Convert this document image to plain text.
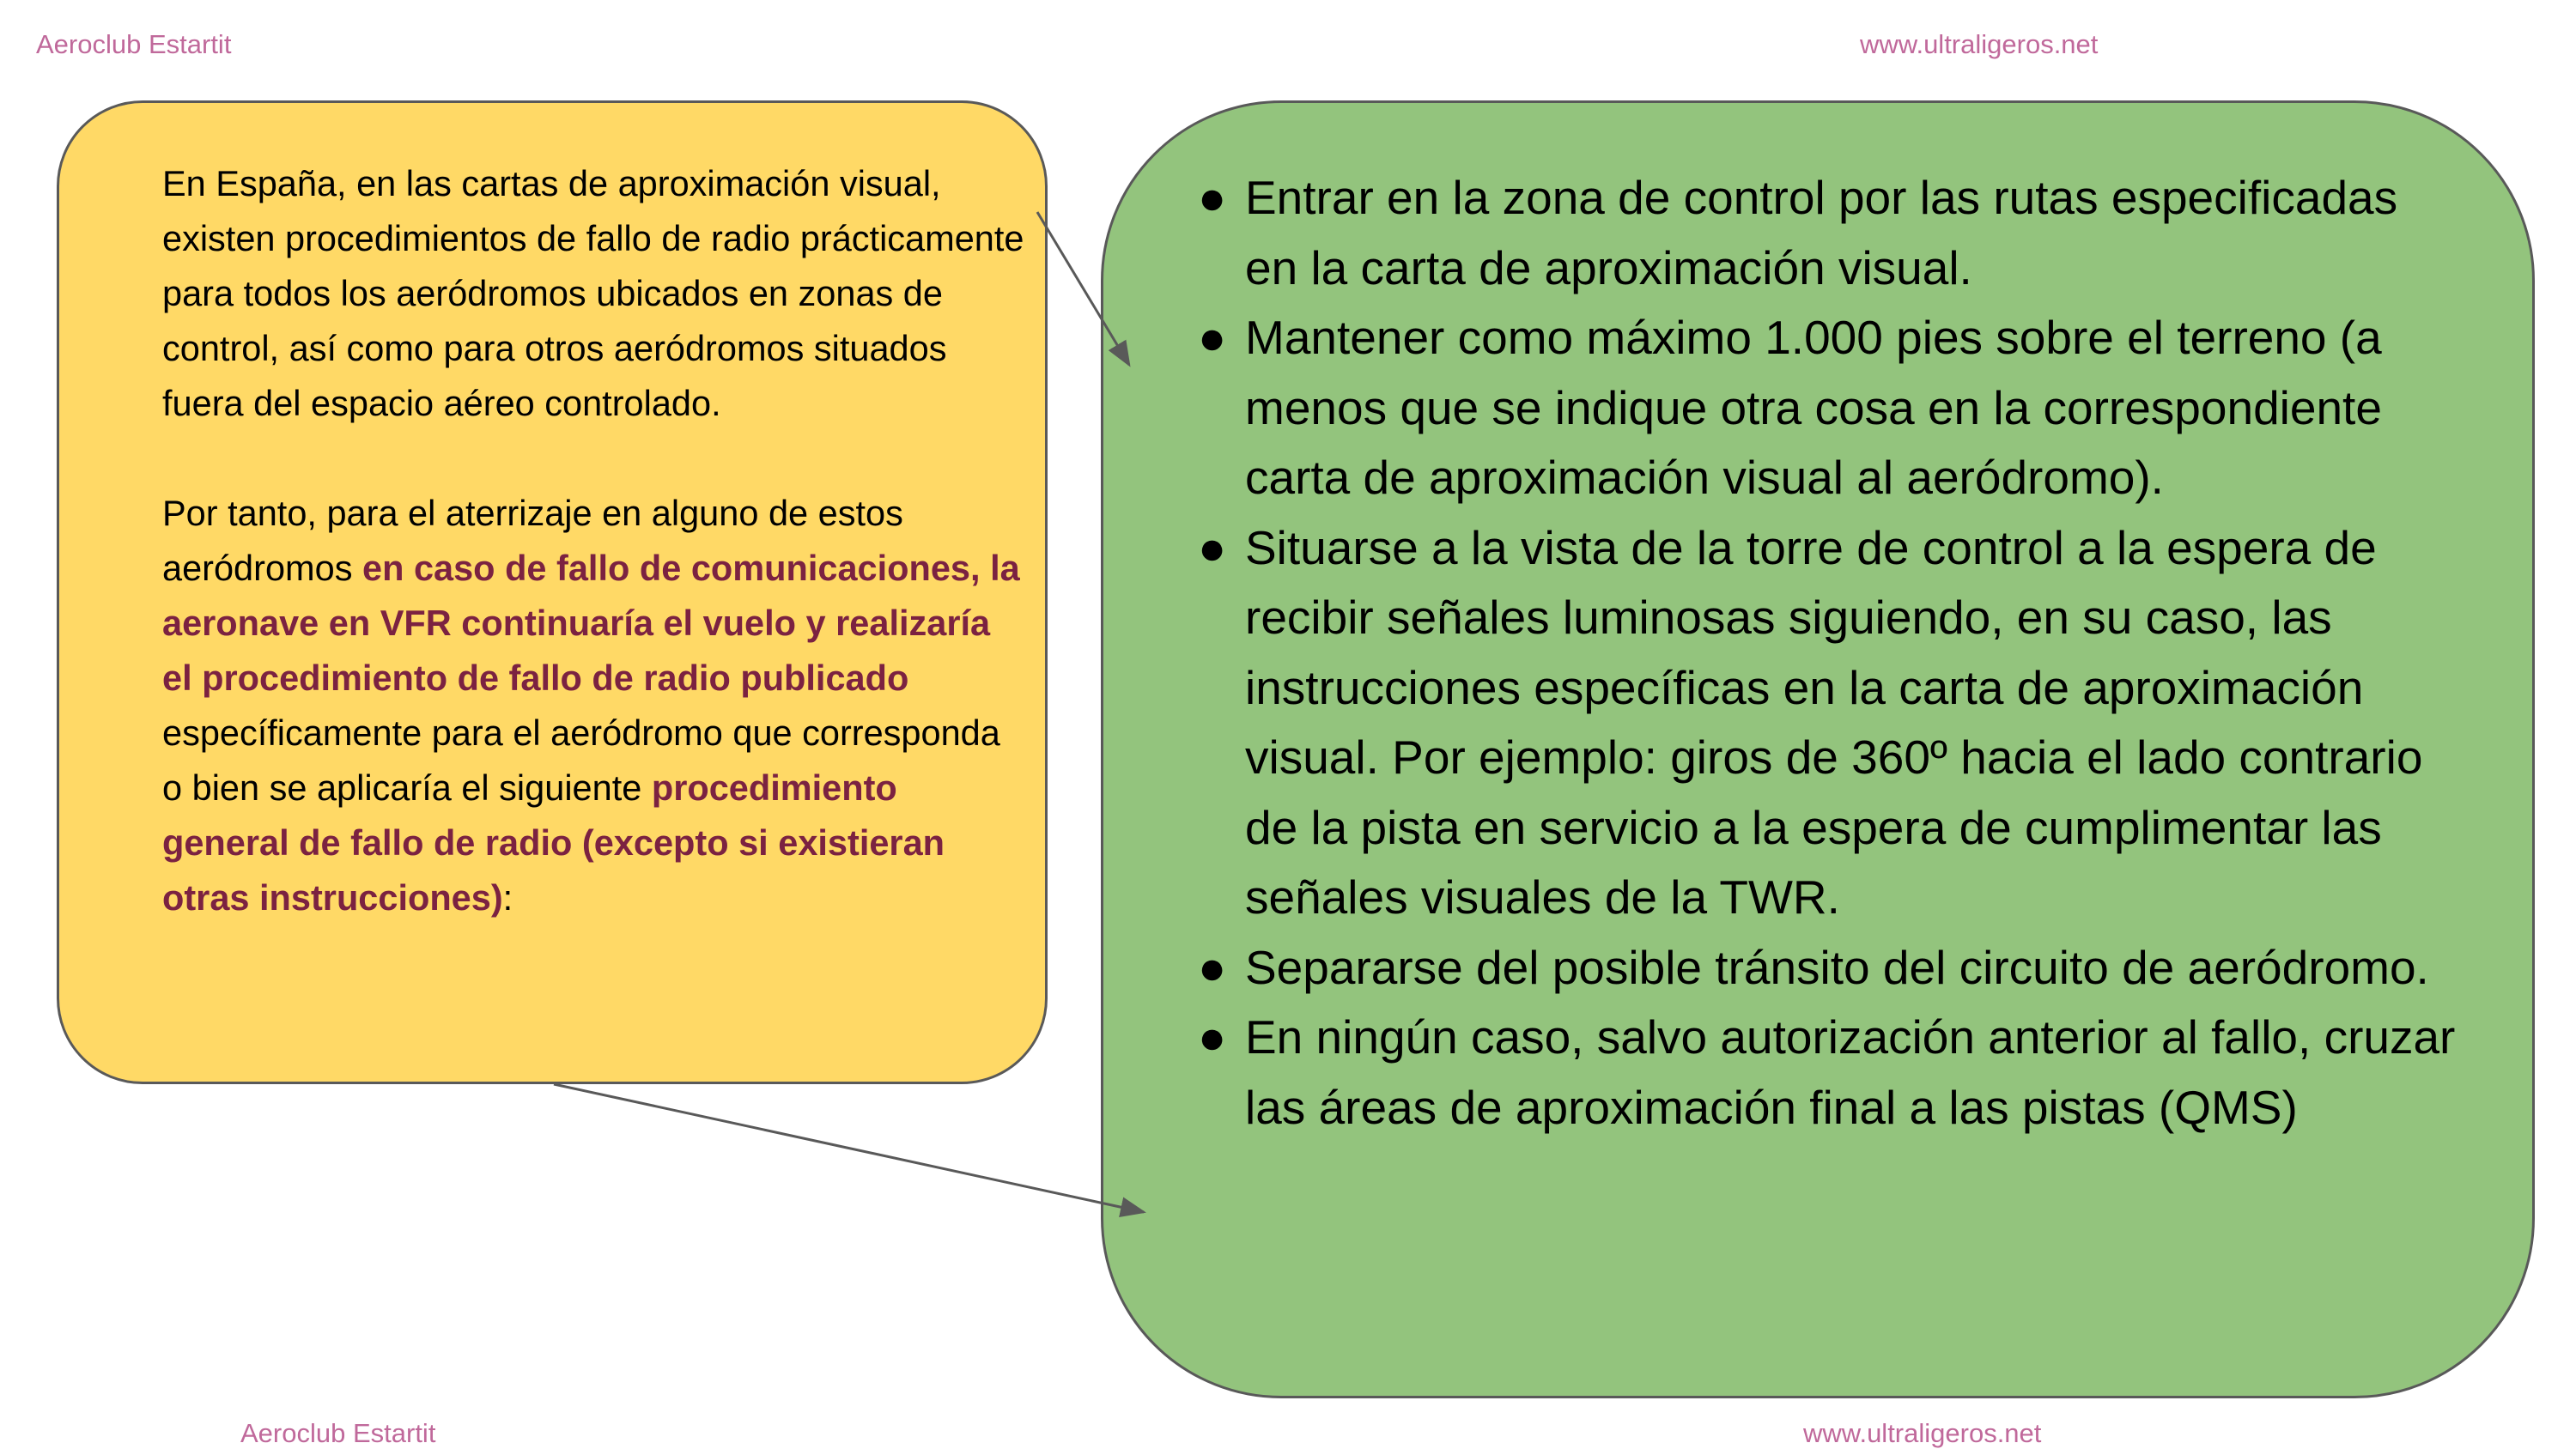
Aeroclub Estartit	www.ultraligeros.net

En España, en las cartas de aproximación visual, existen procedimientos de fallo de radio prácticamente para todos los aeródromos ubicados en zonas de control, así como para otros aeródromos situados fuera del espacio aéreo controlado.

Por tanto, para el aterrizaje en alguno de estos aeródromos en caso de fallo de comunicaciones, la aeronave en VFR continuaría el vuelo y realizaría el procedimiento de fallo de radio publicado específicamente para el aeródromo que corresponda o bien se aplicaría el siguiente procedimiento general de fallo de radio (excepto si existieran otras instrucciones):

● Entrar en la zona de control por las rutas especificadas en la carta de aproximación visual.
● Mantener como máximo 1.000 pies sobre el terreno (a menos que se indique otra cosa en la correspondiente carta de aproximación visual al aeródromo).
● Situarse a la vista de la torre de control a la espera de recibir señales luminosas siguiendo, en su caso, las instrucciones específicas en la carta de aproximación visual. Por ejemplo: giros de 360º hacia el lado contrario de la pista en servicio a la espera de cumplimentar las señales visuales de la TWR.
● Separarse del posible tránsito del circuito de aeródromo.
● En ningún caso, salvo autorización anterior al fallo, cruzar las áreas de aproximación final a las pistas (QMS)
Aeroclub Estartit	www.ultraligeros.net
